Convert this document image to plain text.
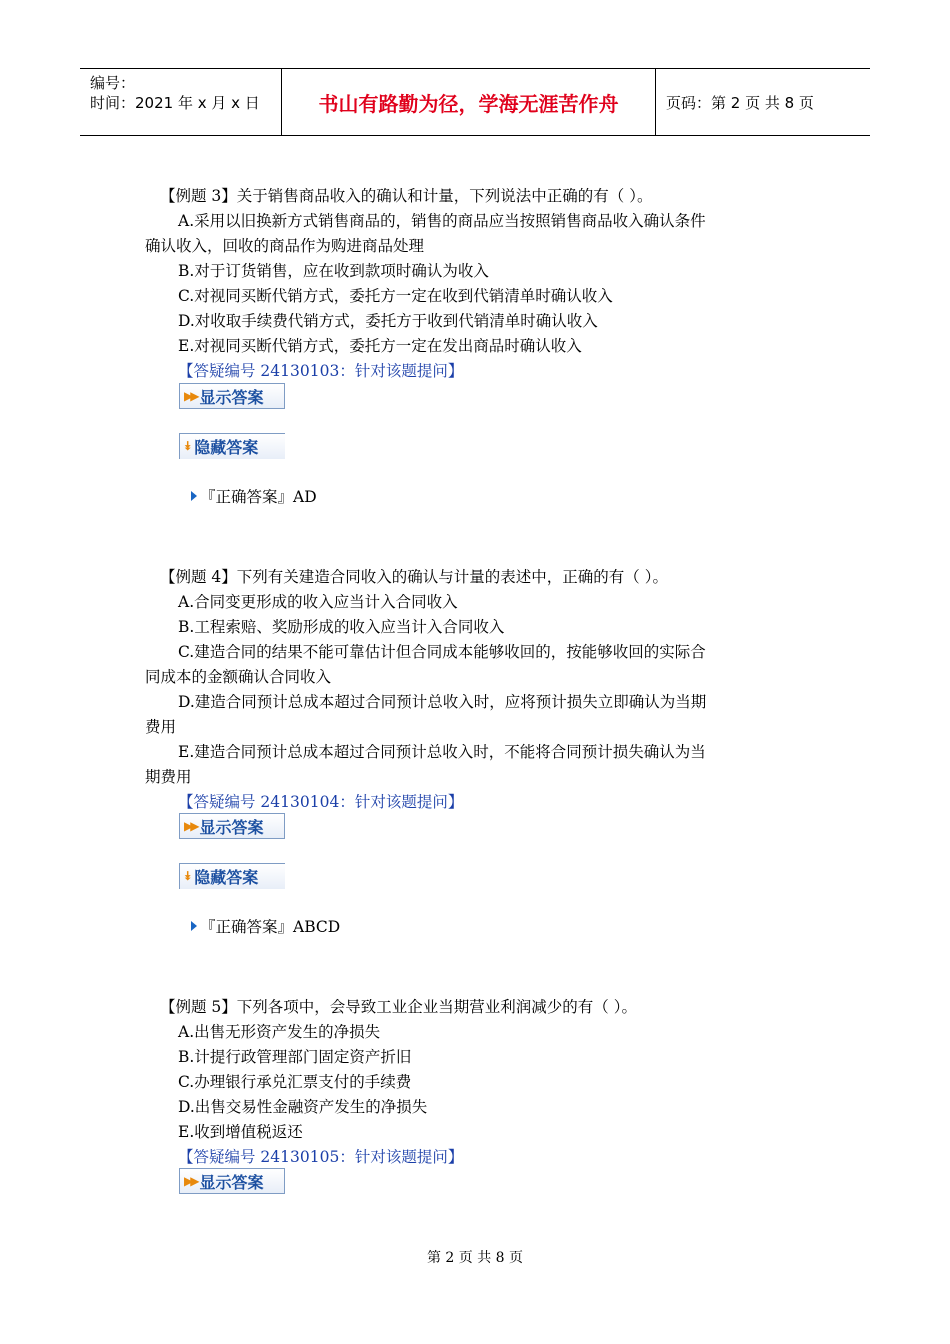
编号：
时间：2021 年 x 月 x 日	书山有路勤为径，学海无涯苦作舟	页码：第 2 页 共 8 页
【例题 3】关于销售商品收入的确认和计量，下列说法中正确的有（ ）。
A.采用以旧换新方式销售商品的，销售的商品应当按照销售商品收入确认条件
确认收入，回收的商品作为购进商品处理
B.对于订货销售，应在收到款项时确认为收入
C.对视同买断代销方式，委托方一定在收到代销清单时确认收入
D.对收取手续费代销方式，委托方于收到代销清单时确认收入
E.对视同买断代销方式，委托方一定在发出商品时确认收入
【答疑编号 24130103：针对该题提问】
▶▶ 显示答案
⯯ 隐藏答案
『正确答案』AD
【例题 4】下列有关建造合同收入的确认与计量的表述中，正确的有（ ）。
A.合同变更形成的收入应当计入合同收入
B.工程索赔、奖励形成的收入应当计入合同收入
C.建造合同的结果不能可靠估计但合同成本能够收回的，按能够收回的实际合
同成本的金额确认合同收入
D.建造合同预计总成本超过合同预计总收入时，应将预计损失立即确认为当期
费用
E.建造合同预计总成本超过合同预计总收入时，不能将合同预计损失确认为当
期费用
【答疑编号 24130104：针对该题提问】
▶▶ 显示答案
⯯ 隐藏答案
『正确答案』ABCD
【例题 5】下列各项中，会导致工业企业当期营业利润减少的有（ ）。
A.出售无形资产发生的净损失
B.计提行政管理部门固定资产折旧
C.办理银行承兑汇票支付的手续费
D.出售交易性金融资产发生的净损失
E.收到增值税返还
【答疑编号 24130105：针对该题提问】
▶▶ 显示答案
第 2 页 共 8 页
